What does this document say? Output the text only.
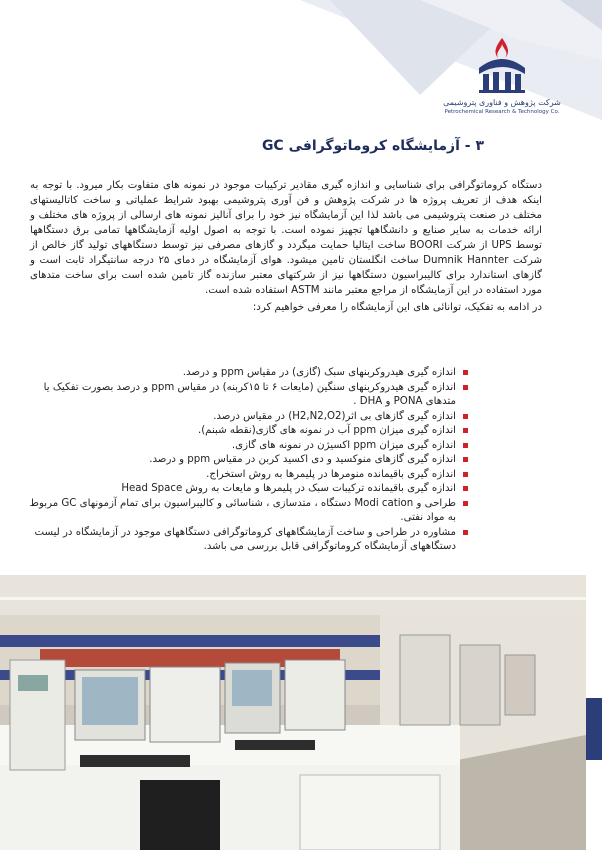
شرکت پژوهش و فناوری پتروشیمی
Petrochemical Research & Technology Co.
۳ - آزمایشگاه کروماتوگرافی GC

دستگاه کروماتوگرافی برای شناسایی و اندازه گیری مقادیر ترکیبات موجود در نمونه های متفاوت بکار میرود. با توجه به اینکه هدف از تعریف پروژه ها در شرکت پژوهش و فن آوری پتروشیمی بهبود شرایط عملیاتی و ساخت کاتالیستهای مختلف در صنعت پتروشیمی می باشد لذا این آزمایشگاه نیز خود را برای آنالیز نمونه های ارسالی از پروژه های مختلف و ارائه خدمات به سایر صنایع و دانشگاهها تجهیز نموده است. با توجه به اصول اولیه آزمایشگاهها تمامی برق دستگاهها توسط UPS از شرکت BOORI ساخت ایتالیا حمایت میگردد و گازهای مصرفی نیز توسط دستگاههای تولید گاز خالص از شرکت Dumnik Hannter ساخت انگلستان تامین میشود. هوای آزمایشگاه در دمای ۲۵ درجه سانتیگراد ثابت است و گازهای استاندارد برای کالیبراسیون دستگاهها نیز از شرکتهای معتبر سازنده گاز تامین شده است برای ساخت متدهای مورد استفاده در این آزمایشگاه از مراجع معتبر مانند ASTM استفاده شده است.

در ادامه به تفکیک، توانائی های این آزمایشگاه را معرفی خواهیم کرد:

اندازه گیری هیدروکربنهای سبک (گازی) در مقیاس ppm و درصد.
اندازه گیری هیدروکربنهای سنگین (مایعات ۶ تا ۱۵کربنه) در مقیاس ppm و درصد بصورت تفکیک یا متدهای PONA و DHA .
اندازه گیری گازهای بی اثر(H2,N2,O2) در مقیاس درصد.
اندازه گیری میزان ppm آب در نمونه های گازی(نقطه شبنم).
اندازه گیری میزان ppm اکسیژن در نمونه های گازی.
اندازه گیری گازهای منوکسید و دی اکسید کربن در مقیاس ppm و درصد.
اندازه گیری باقیمانده منومرها در پلیمرها به روش استخراج.
اندازه گیری باقیمانده ترکیبات سبک در پلیمرها و مایعات به روش Head Space
طراحی و Modi cation دستگاه ، متدسازی ، شناسائی و کالیبراسیون برای تمام آزمونهای GC مربوط به مواد نفتی.
مشاوره در طراحی و ساخت آزمایشگاههای کروماتوگرافی دستگاههای موجود در آزمایشگاه در لیست دستگاههای آزمایشگاه کروماتوگرافی قابل بررسی می باشد.
